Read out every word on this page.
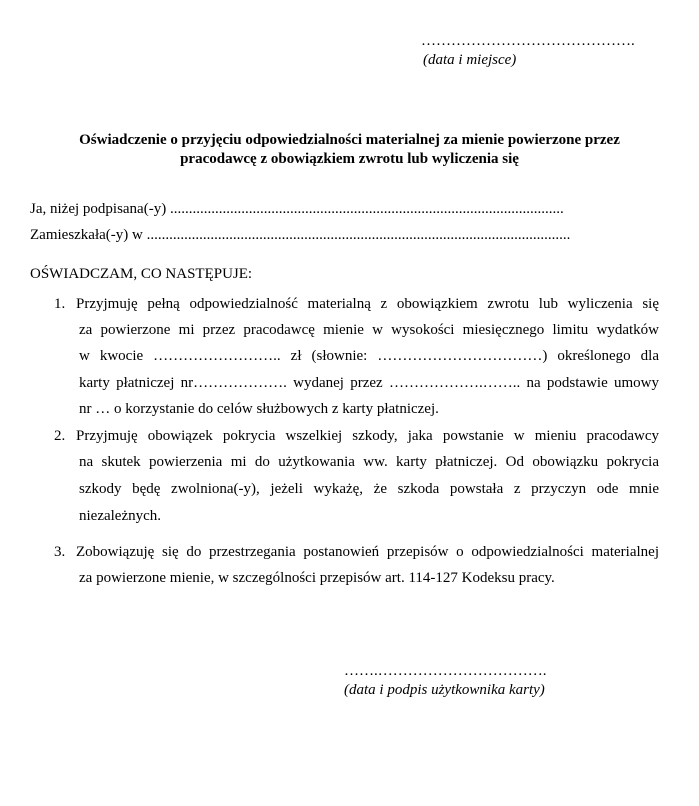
…………………………………….
(data i miejsce)
Oświadczenie o przyjęciu odpowiedzialności materialnej za mienie powierzone przez
pracodawcę z obowiązkiem zwrotu lub wyliczenia się
Ja, niżej podpisana(-y) .........................................................................................................
Zamieszkała(-y) w .................................................................................................................
OŚWIADCZAM, CO NASTĘPUJE:
1. Przyjmuję pełną odpowiedzialność materialną z obowiązkiem zwrotu lub wyliczenia się
za powierzone mi przez pracodawcę mienie w wysokości miesięcznego limitu wydatków
w kwocie …………………….. zł (słownie: ……………………………) określonego dla
karty płatniczej nr………………. wydanej przez ……………….…….. na podstawie umowy
nr … o korzystanie do celów służbowych z karty płatniczej.
2. Przyjmuję obowiązek pokrycia wszelkiej szkody, jaka powstanie w mieniu pracodawcy
na skutek powierzenia mi do użytkowania ww. karty płatniczej. Od obowiązku pokrycia
szkody będę zwolniona(-y), jeżeli wykażę, że szkoda powstała z przyczyn ode mnie
niezależnych.
3. Zobowiązuję się do przestrzegania postanowień przepisów o odpowiedzialności materialnej
za powierzone mienie, w szczególności przepisów art. 114-127 Kodeksu pracy.
…….…………………………….
(data i podpis użytkownika karty)
